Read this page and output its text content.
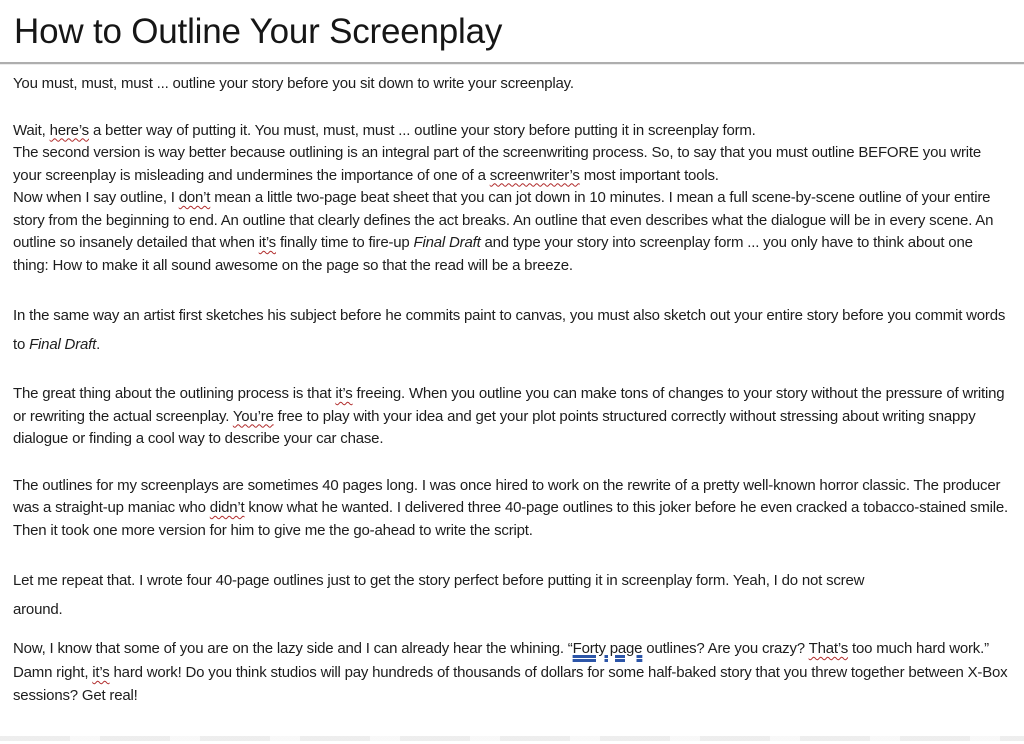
How to Outline Your Screenplay

You must, must, must ... outline your story before you sit down to write your screenplay.

Wait, here’s a better way of putting it. You must, must, must ... outline your story before putting it in screenplay form.

The second version is way better because outlining is an integral part of the screenwriting process. So, to say that you must outline BEFORE you write your screenplay is misleading and undermines the importance of one of a screenwriter’s most important tools.

Now when I say outline, I don’t mean a little two-page beat sheet that you can jot down in 10 minutes. I mean a full scene-by-scene outline of your entire story from the beginning to end. An outline that clearly defines the act breaks. An outline that even describes what the dialogue will be in every scene. An outline so insanely detailed that when it’s finally time to fire-up Final Draft and type your story into screenplay form ... you only have to think about one thing: How to make it all sound awesome on the page so that the read will be a breeze.

In the same way an artist first sketches his subject before he commits paint to canvas, you must also sketch out your entire story before you commit words to Final Draft.

The great thing about the outlining process is that it’s freeing. When you outline you can make tons of changes to your story without the pressure of writing or rewriting the actual screenplay. You’re free to play with your idea and get your plot points structured correctly without stressing about writing snappy dialogue or finding a cool way to describe your car chase.

The outlines for my screenplays are sometimes 40 pages long. I was once hired to work on the rewrite of a pretty well-known horror classic. The producer was a straight-up maniac who didn’t know what he wanted. I delivered three 40-page outlines to this joker before he even cracked a tobacco-stained smile. Then it took one more version for him to give me the go-ahead to write the script.

Let me repeat that. I wrote four 40-page outlines just to get the story perfect before putting it in screenplay form. Yeah, I do not screw
around.

Now, I know that some of you are on the lazy side and I can already hear the whining. “Forty page outlines? Are you crazy? That’s too much hard work.”

Damn right, it’s hard work! Do you think studios will pay hundreds of thousands of dollars for some half-baked story that you threw together between X-Box sessions? Get real!
